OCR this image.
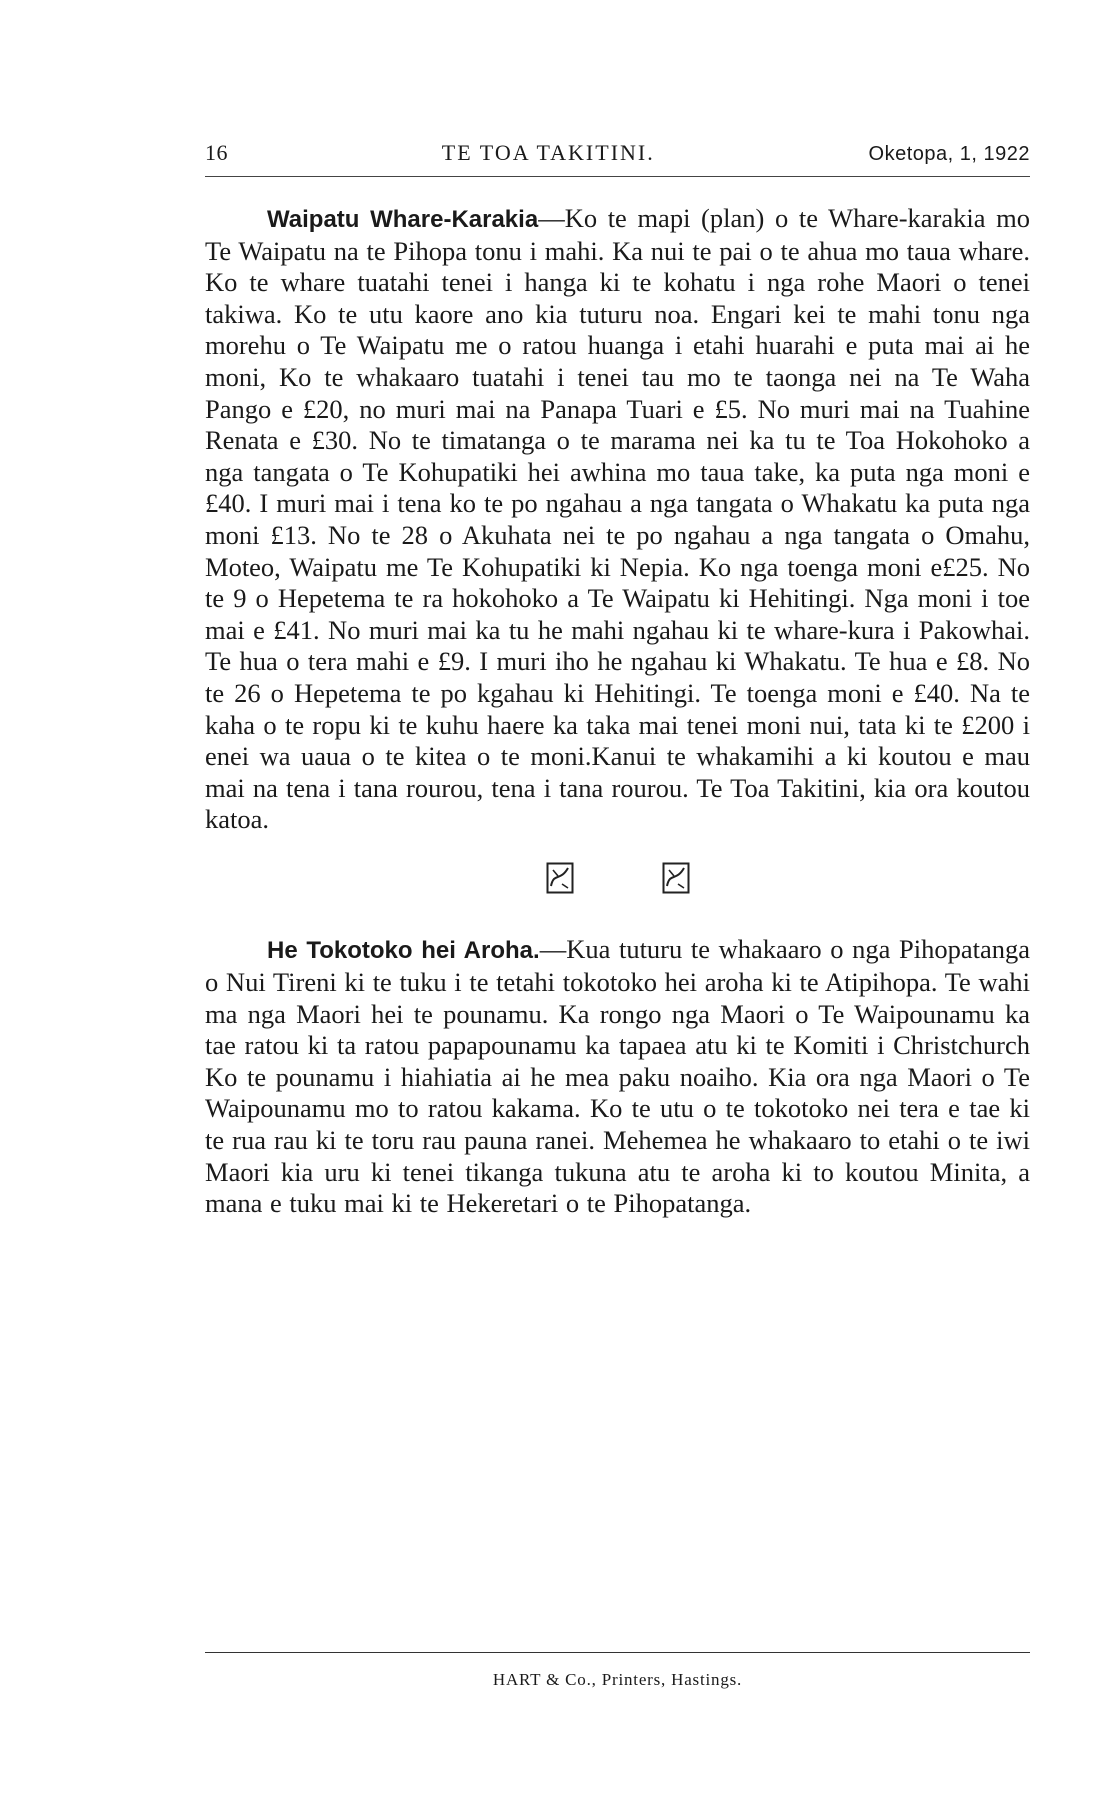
16	TE TOA TAKITINI.	Oketopa, 1, 1922

Waipatu Whare-Karakia—Ko te mapi (plan) o te Whare-karakia mo Te Waipatu na te Pihopa tonu i mahi. Ka nui te pai o te ahua mo taua whare. Ko te whare tuatahi tenei i hanga ki te kohatu i nga rohe Maori o tenei takiwa. Ko te utu kaore ano kia tuturu noa. Engari kei te mahi tonu nga morehu o Te Waipatu me o ratou huanga i etahi huarahi e puta mai ai he moni, Ko te whakaaro tuatahi i tenei tau mo te taonga nei na Te Waha Pango e £20, no muri mai na Panapa Tuari e £5. No muri mai na Tuahine Renata e £30. No te timatanga o te marama nei ka tu te Toa Hokohoko a nga tangata o Te Kohupatiki hei awhina mo taua take, ka puta nga moni e £40. I muri mai i tena ko te po ngahau a nga tangata o Whakatu ka puta nga moni £13. No te 28 o Akuhata nei te po ngahau a nga tangata o Omahu, Moteo, Waipatu me Te Kohupatiki ki Nepia. Ko nga toenga moni e£25. No te 9 o Hepetema te ra hokohoko a Te Waipatu ki Hehitingi. Nga moni i toe mai e £41. No muri mai ka tu he mahi ngahau ki te whare-kura i Pakowhai. Te hua o tera mahi e £9. I muri iho he ngahau ki Whakatu. Te hua e £8. No te 26 o Hepetema te po kgahau ki Hehitingi. Te toenga moni e £40. Na te kaha o te ropu ki te kuhu haere ka taka mai tenei moni nui, tata ki te £200 i enei wa uaua o te kitea o te moni.Kanui te whakamihi a ki koutou e mau mai na tena i tana rourou, tena i tana rourou. Te Toa Takitini, kia ora koutou katoa.

He Tokotoko hei Aroha.—Kua tuturu te whakaaro o nga Pihopatanga o Nui Tireni ki te tuku i te tetahi tokotoko hei aroha ki te Atipihopa. Te wahi ma nga Maori hei te pounamu. Ka rongo nga Maori o Te Waipounamu ka tae ratou ki ta ratou papapounamu ka tapaea atu ki te Komiti i Christchurch Ko te pounamu i hiahiatia ai he mea paku noaiho. Kia ora nga Maori o Te Waipounamu mo to ratou kakama. Ko te utu o te tokotoko nei tera e tae ki te rua rau ki te toru rau pauna ranei. Mehemea he whakaaro to etahi o te iwi Maori kia uru ki tenei tikanga tukuna atu te aroha ki to koutou Minita, a mana e tuku mai ki te Hekeretari o te Pihopatanga.

HART & Co., Printers, Hastings.
